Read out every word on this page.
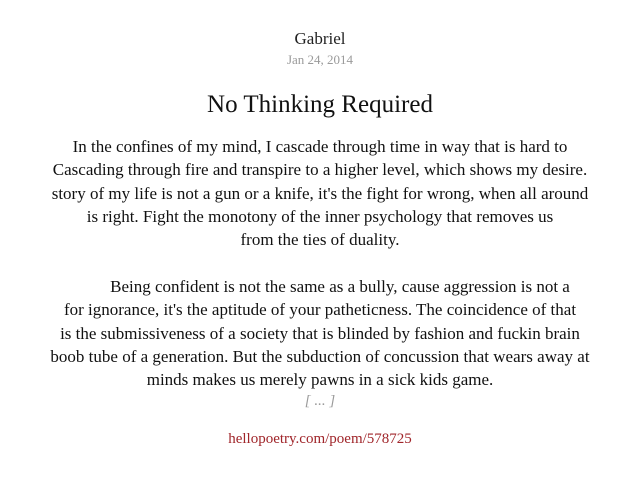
Gabriel
Jan 24, 2014
No Thinking Required
In the confines of my mind, I cascade through time in way that is hard to
Cascading through fire and transpire to a higher level, which shows my desire.
story of my life is not a gun or a knife, it's the fight for wrong, when all around
is right. Fight the monotony of the inner psychology that removes us
from the ties of duality.
Being confident is not the same as a bully, cause aggression is not a
for ignorance, it's the aptitude of your patheticness. The coincidence of that
is the submissiveness of a society that is blinded by fashion and fuckin brain
boob tube of a generation. But the subduction of concussion that wears away at
minds makes us merely pawns in a sick kids game.
[ ... ]
hellopoetry.com/poem/578725
